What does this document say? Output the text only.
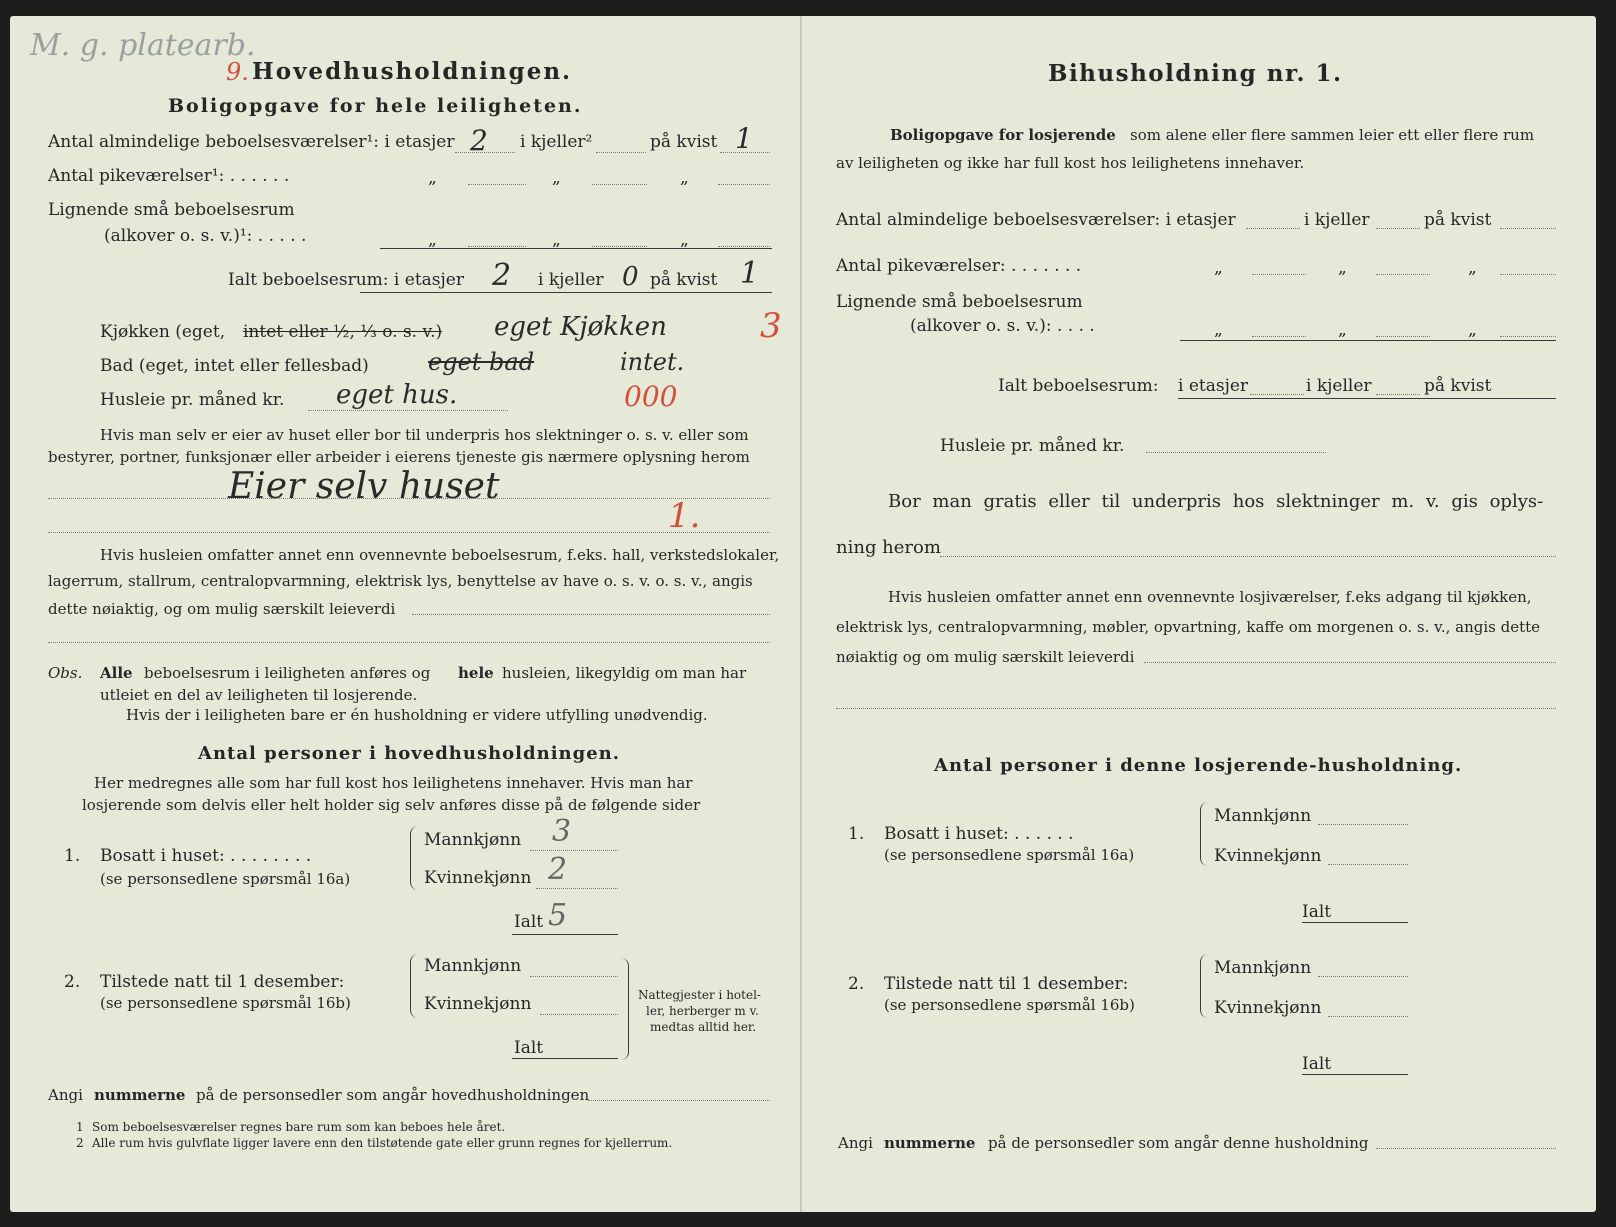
M. g. platearb.
9. Hovedhusholdningen.
Boligopgave for hele leiligheten.
Antal almindelige beboelsesværelser¹: i etasjer 2 i kjeller²	på kvist 1
Antal pikeværelser¹: . . . . . .	„	„	„
Lignende små beboelsesrum
(alkover o. s. v.)¹: . . . . .	„	„	„
Ialt beboelsesrum: i etasjer 2 i kjeller 0 på kvist 1
Kjøkken (eget, intet eller ½, ⅓ o. s. v.) eget Kjøkken	3
Bad (eget, intet eller fellesbad) eget bad	intet.
Husleie pr. måned kr. eget hus.	000
Hvis man selv er eier av huset eller bor til underpris hos slektninger o. s. v. eller som
bestyrer, portner, funksjonær eller arbeider i eierens tjeneste gis nærmere oplysning herom
Eier selv huset
1.
Hvis husleien omfatter annet enn ovennevnte beboelsesrum, f.eks. hall, verkstedslokaler,
lagerrum, stallrum, centralopvarmning, elektrisk lys, benyttelse av have o. s. v. o. s. v., angis
dette nøiaktig, og om mulig særskilt leieverdi
Obs. Alle beboelsesrum i leiligheten anføres og hele husleien, likegyldig om man har
utleiet en del av leiligheten til losjerende.
Hvis der i leiligheten bare er én husholdning er videre utfylling unødvendig.
Antal personer i hovedhusholdningen.
Her medregnes alle som har full kost hos leilighetens innehaver. Hvis man har
losjerende som delvis eller helt holder sig selv anføres disse på de følgende sider
1. Bosatt i huset: . . . . . . . .
(se personsedlene spørsmål 16a)
Mannkjønn 3
Kvinnekjønn 2
Ialt 5
2. Tilstede natt til 1 desember:
(se personsedlene spørsmål 16b)
Mannkjønn
Kvinnekjønn
Ialt
Nattegjester i hotel-
ler, herberger m v.
medtas alltid her.
Angi nummerne på de personsedler som angår hovedhusholdningen
1 Som beboelsesværelser regnes bare rum som kan beboes hele året.
2 Alle rum hvis gulvflate ligger lavere enn den tilstøtende gate eller grunn regnes for kjellerrum.
Bihusholdning nr. 1.
Boligopgave for losjerende som alene eller flere sammen leier ett eller flere rum
av leiligheten og ikke har full kost hos leilighetens innehaver.
Antal almindelige beboelsesværelser: i etasjer	i kjeller	på kvist
Antal pikeværelser: . . . . . . .	„	„	„
Lignende små beboelsesrum
(alkover o. s. v.): . . . .	„	„	„
Ialt beboelsesrum: i etasjer	i kjeller	på kvist
Husleie pr. måned kr.
Bor man gratis eller til underpris hos slektninger m. v. gis oplys-
ning herom
Hvis husleien omfatter annet enn ovennevnte losjiværelser, f.eks adgang til kjøkken,
elektrisk lys, centralopvarmning, møbler, opvartning, kaffe om morgenen o. s. v., angis dette
nøiaktig og om mulig særskilt leieverdi
Antal personer i denne losjerende-husholdning.
1. Bosatt i huset: . . . . . .
(se personsedlene spørsmål 16a)
Mannkjønn
Kvinnekjønn
Ialt
2. Tilstede natt til 1 desember:
(se personsedlene spørsmål 16b)
Mannkjønn
Kvinnekjønn
Ialt
Angi nummerne på de personsedler som angår denne husholdning
